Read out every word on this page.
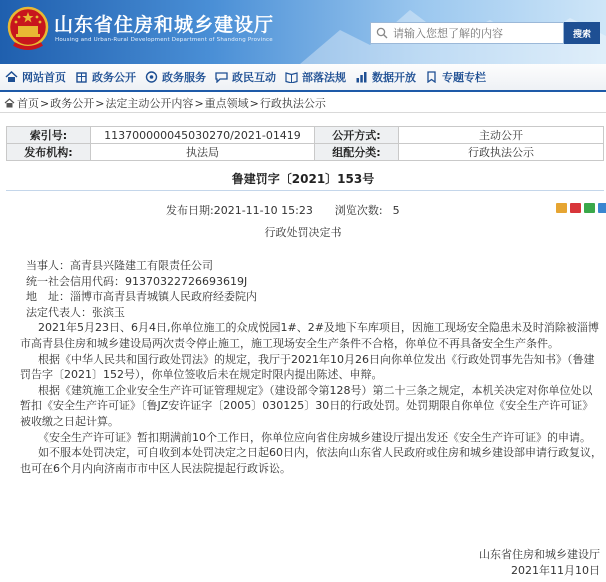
山东省住房和城乡建设厅
Housing and Urban-Rural Development Department of Shandong Province
请输入您想了解的内容
搜索
网站首页 政务公开 政务服务 政民互动 部落法规 数据开放 专题专栏
首页 > 政务公开 > 法定主动公开内容 > 重点领域 > 行政执法公示
索引号:	113700000045030270/2021-01419	公开方式:	主动公开
发布机构:	执法局	组配分类:	行政执法公示
鲁建罚字〔2021〕153号
发布日期:2021-11-10 15:23 浏览次数: 5
行政处罚决定书

当事人：高青县兴隆建工有限责任公司

统一社会信用代码：91370322726693619J

地　址：淄博市高青县青城镇人民政府经委院内

法定代表人：张滨玉

2021年5月23日、6月4日,你单位施工的众成悦园1#、2#及地下车库项目，因施工现场安全隐患未及时消除被淄博市高青县住房和城乡建设局两次责令停止施工，施工现场安全生产条件不合格，你单位不再具备安全生产条件。

根据《中华人民共和国行政处罚法》的规定，我厅于2021年10月26日向你单位发出《行政处罚事先告知书》（鲁建罚告字〔2021〕152号），你单位签收后未在规定时限内提出陈述、申辩。

根据《建筑施工企业安全生产许可证管理规定》（建设部令第128号）第二十三条之规定，本机关决定对你单位处以暂扣《安全生产许可证》〔鲁JZ安许证字〔2005〕030125〕30日的行政处罚。处罚期限自你单位《安全生产许可证》被收缴之日起计算。

《安全生产许可证》暂扣期满前10个工作日，你单位应向省住房城乡建设厅提出发还《安全生产许可证》的申请。

如不服本处罚决定，可自收到本处罚决定之日起60日内，依法向山东省人民政府或住房和城乡建设部申请行政复议，也可在6个月内向济南市市中区人民法院提起行政诉讼。

山东省住房和城乡建设厅
2021年11月10日
